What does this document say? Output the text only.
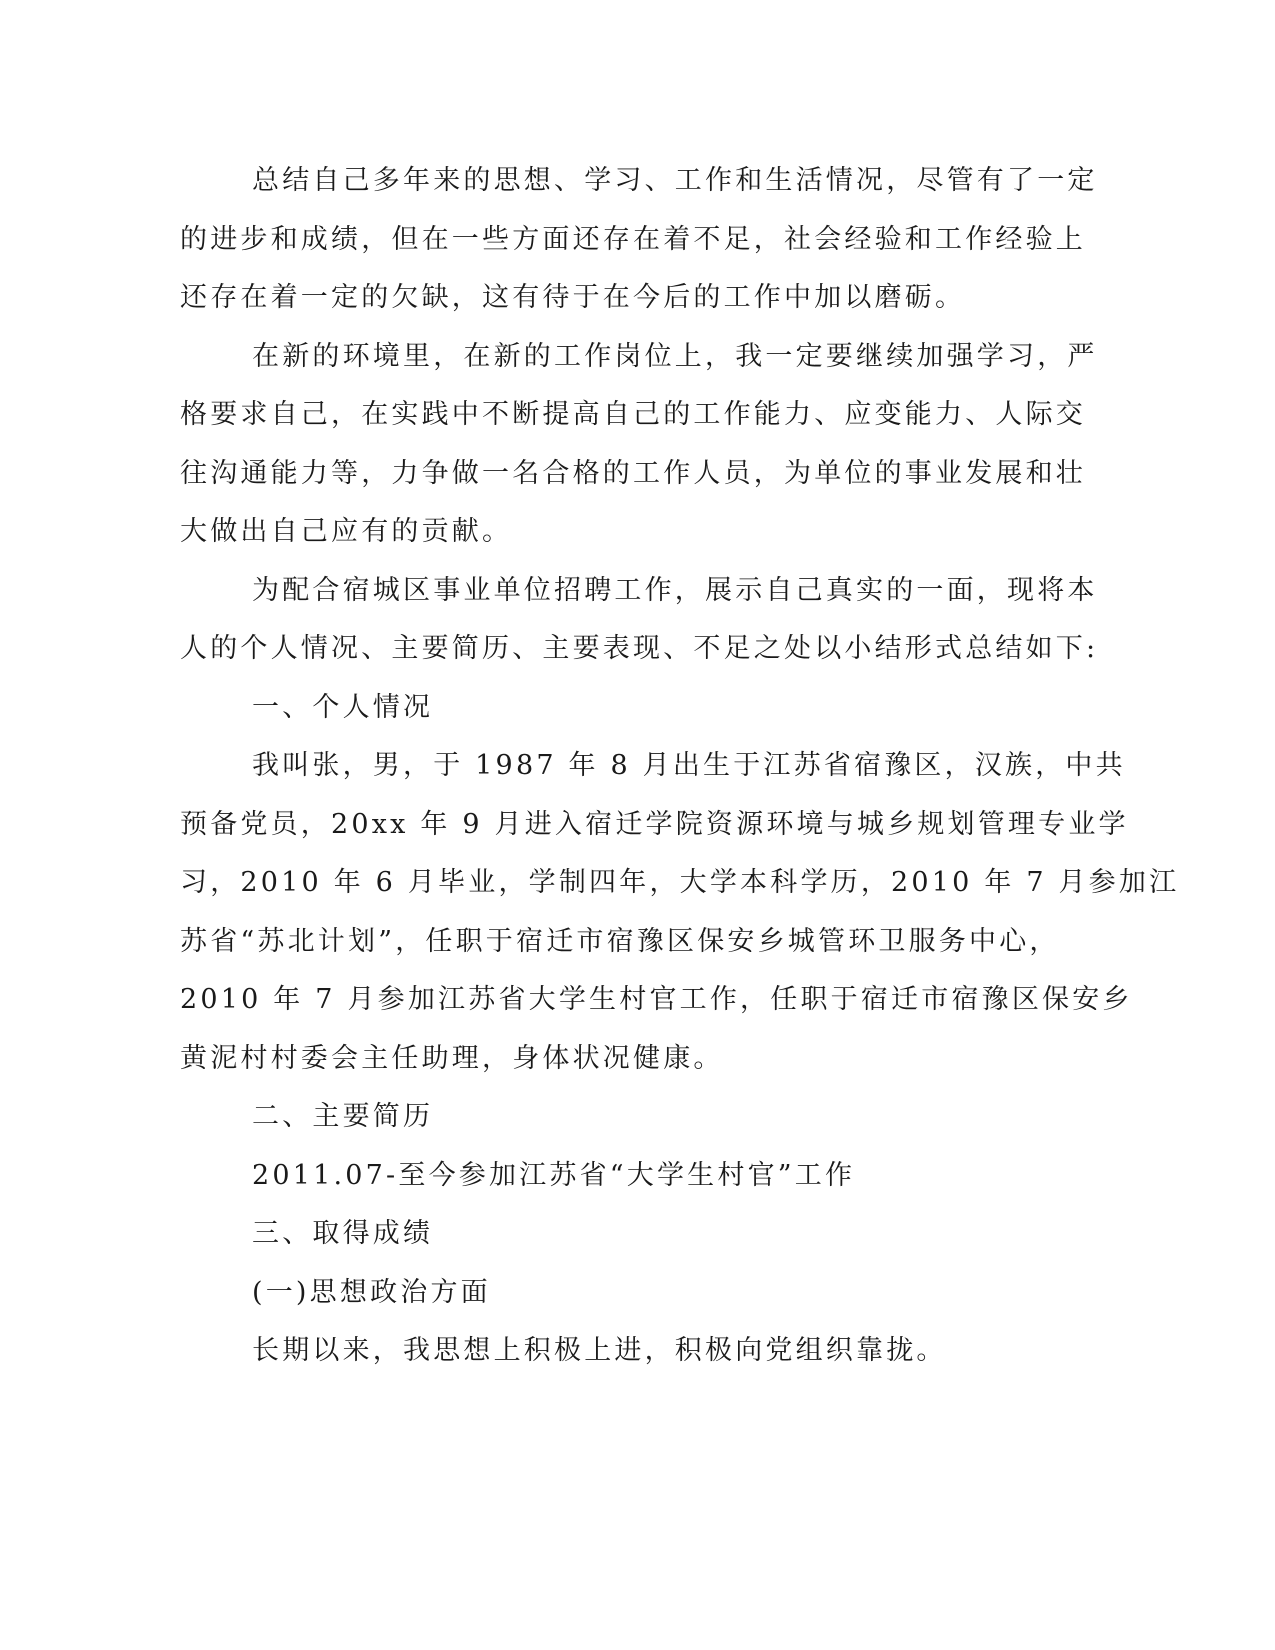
总结自己多年来的思想、学习、工作和生活情况，尽管有了一定

的进步和成绩，但在一些方面还存在着不足，社会经验和工作经验上

还存在着一定的欠缺，这有待于在今后的工作中加以磨砺。

在新的环境里，在新的工作岗位上，我一定要继续加强学习，严

格要求自己，在实践中不断提高自己的工作能力、应变能力、人际交

往沟通能力等，力争做一名合格的工作人员，为单位的事业发展和壮

大做出自己应有的贡献。

为配合宿城区事业单位招聘工作，展示自己真实的一面，现将本

人的个人情况、主要简历、主要表现、不足之处以小结形式总结如下:

一、个人情况

我叫张，男，于 1987 年 8 月出生于江苏省宿豫区，汉族，中共

预备党员，20xx 年 9 月进入宿迁学院资源环境与城乡规划管理专业学

习，2010 年 6 月毕业，学制四年，大学本科学历，2010 年 7 月参加江

苏省“苏北计划”，任职于宿迁市宿豫区保安乡城管环卫服务中心，

2010 年 7 月参加江苏省大学生村官工作，任职于宿迁市宿豫区保安乡

黄泥村村委会主任助理，身体状况健康。

二、主要简历

2011.07-至今参加江苏省“大学生村官”工作

三、取得成绩

(一)思想政治方面

长期以来，我思想上积极上进，积极向党组织靠拢。
